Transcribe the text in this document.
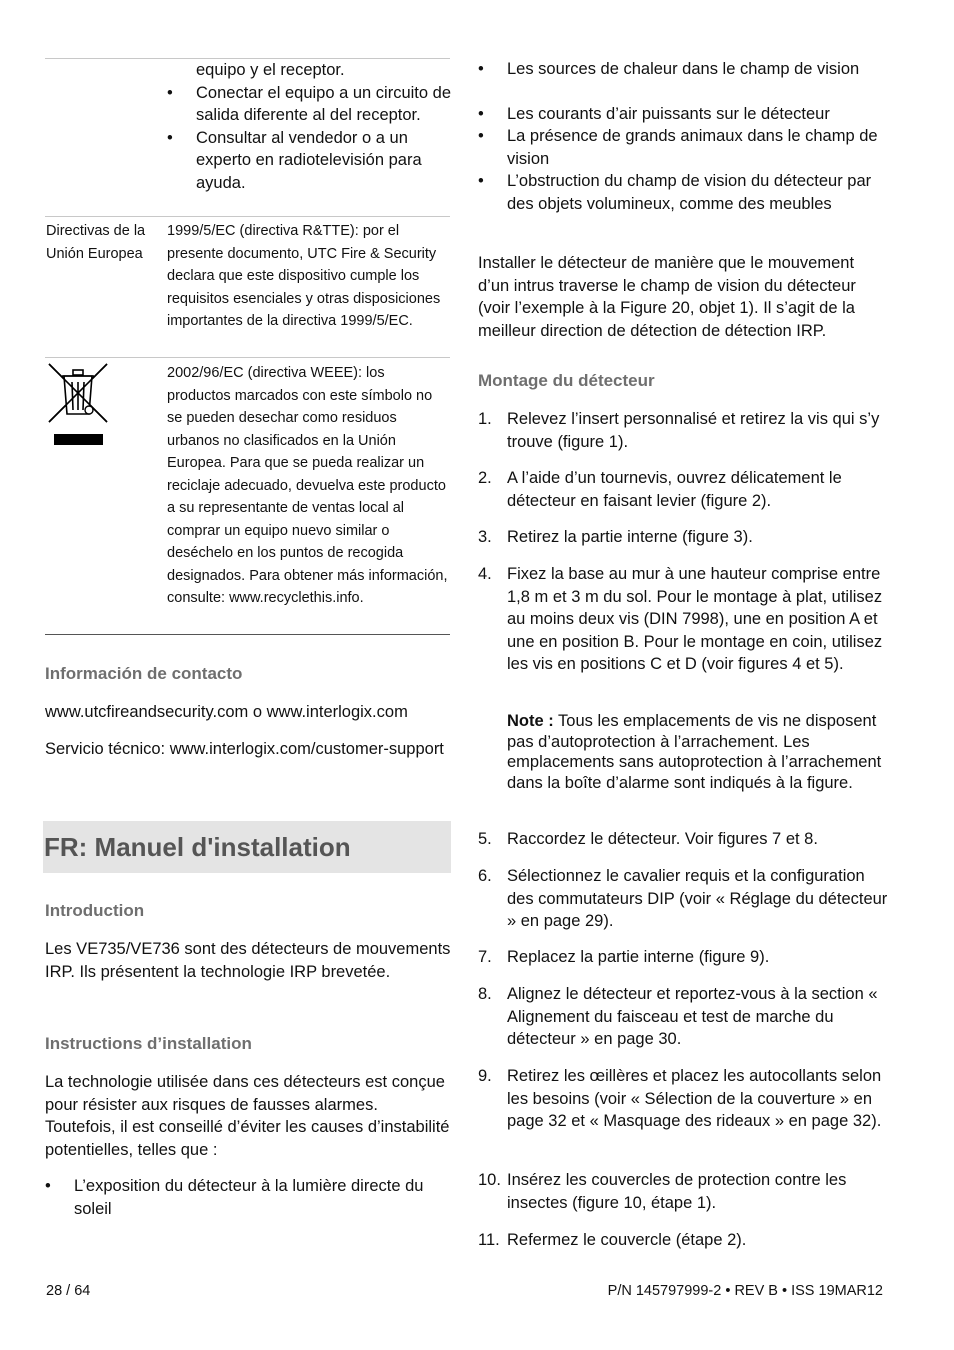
equipo y el receptor.
• Conectar el equipo a un circuito de salida diferente al del receptor.
• Consultar al vendedor o a un experto en radiotelevisión para ayuda.
Directivas de la Unión Europea
1999/5/EC (directiva R&TTE): por el presente documento, UTC Fire & Security declara que este dispositivo cumple los requisitos esenciales y otras disposiciones importantes de la directiva 1999/5/EC.
2002/96/EC (directiva WEEE): los productos marcados con este símbolo no se pueden desechar como residuos urbanos no clasificados en la Unión Europea. Para que se pueda realizar un reciclaje adecuado, devuelva este producto a su representante de ventas local al comprar un equipo nuevo similar o deséchelo en los puntos de recogida designados. Para obtener más información, consulte: www.recyclethis.info.
Información de contacto
www.utcfireandsecurity.com o www.interlogix.com
Servicio técnico: www.interlogix.com/customer-support
FR: Manuel d'installation
Introduction
Les VE735/VE736 sont des détecteurs de mouvements IRP. Ils présentent la technologie IRP brevetée.
Instructions d’installation
La technologie utilisée dans ces détecteurs est conçue pour résister aux risques de fausses alarmes. Toutefois, il est conseillé d’éviter les causes d’instabilité potentielles, telles que :
• L’exposition du détecteur à la lumière directe du soleil
• Les sources de chaleur dans le champ de vision
• Les courants d’air puissants sur le détecteur
• La présence de grands animaux dans le champ de vision
• L’obstruction du champ de vision du détecteur par des objets volumineux, comme des meubles
Installer le détecteur de manière que le mouvement d’un intrus traverse le champ de vision du détecteur (voir l’exemple à la Figure 20, objet 1). Il s’agit de la meilleur direction de détection de détection IRP.
Montage du détecteur
1. Relevez l’insert personnalisé et retirez la vis qui s’y trouve (figure 1).
2. A l’aide d’un tournevis, ouvrez délicatement le détecteur en faisant levier (figure 2).
3. Retirez la partie interne (figure 3).
4. Fixez la base au mur à une hauteur comprise entre 1,8 m et 3 m du sol. Pour le montage à plat, utilisez au moins deux vis (DIN 7998), une en position A et une en position B. Pour le montage en coin, utilisez les vis en positions C et D (voir figures 4 et 5).
Note : Tous les emplacements de vis ne disposent pas d’autoprotection à l’arrachement. Les emplacements sans autoprotection à l’arrachement dans la boîte d’alarme sont indiqués à la figure.
5. Raccordez le détecteur. Voir figures 7 et 8.
6. Sélectionnez le cavalier requis et la configuration des commutateurs DIP (voir « Réglage du détecteur » en page 29).
7. Replacez la partie interne (figure 9).
8. Alignez le détecteur et reportez-vous à la section « Alignement du faisceau et test de marche du détecteur » en page 30.
9. Retirez les œillères et placez les autocollants selon les besoins (voir « Sélection de la couverture » en page 32 et « Masquage des rideaux » en page 32).
10. Insérez les couvercles de protection contre les insectes (figure 10, étape 1).
11. Refermez le couvercle (étape 2).
28 / 64	P/N 145797999-2 • REV B • ISS 19MAR12
